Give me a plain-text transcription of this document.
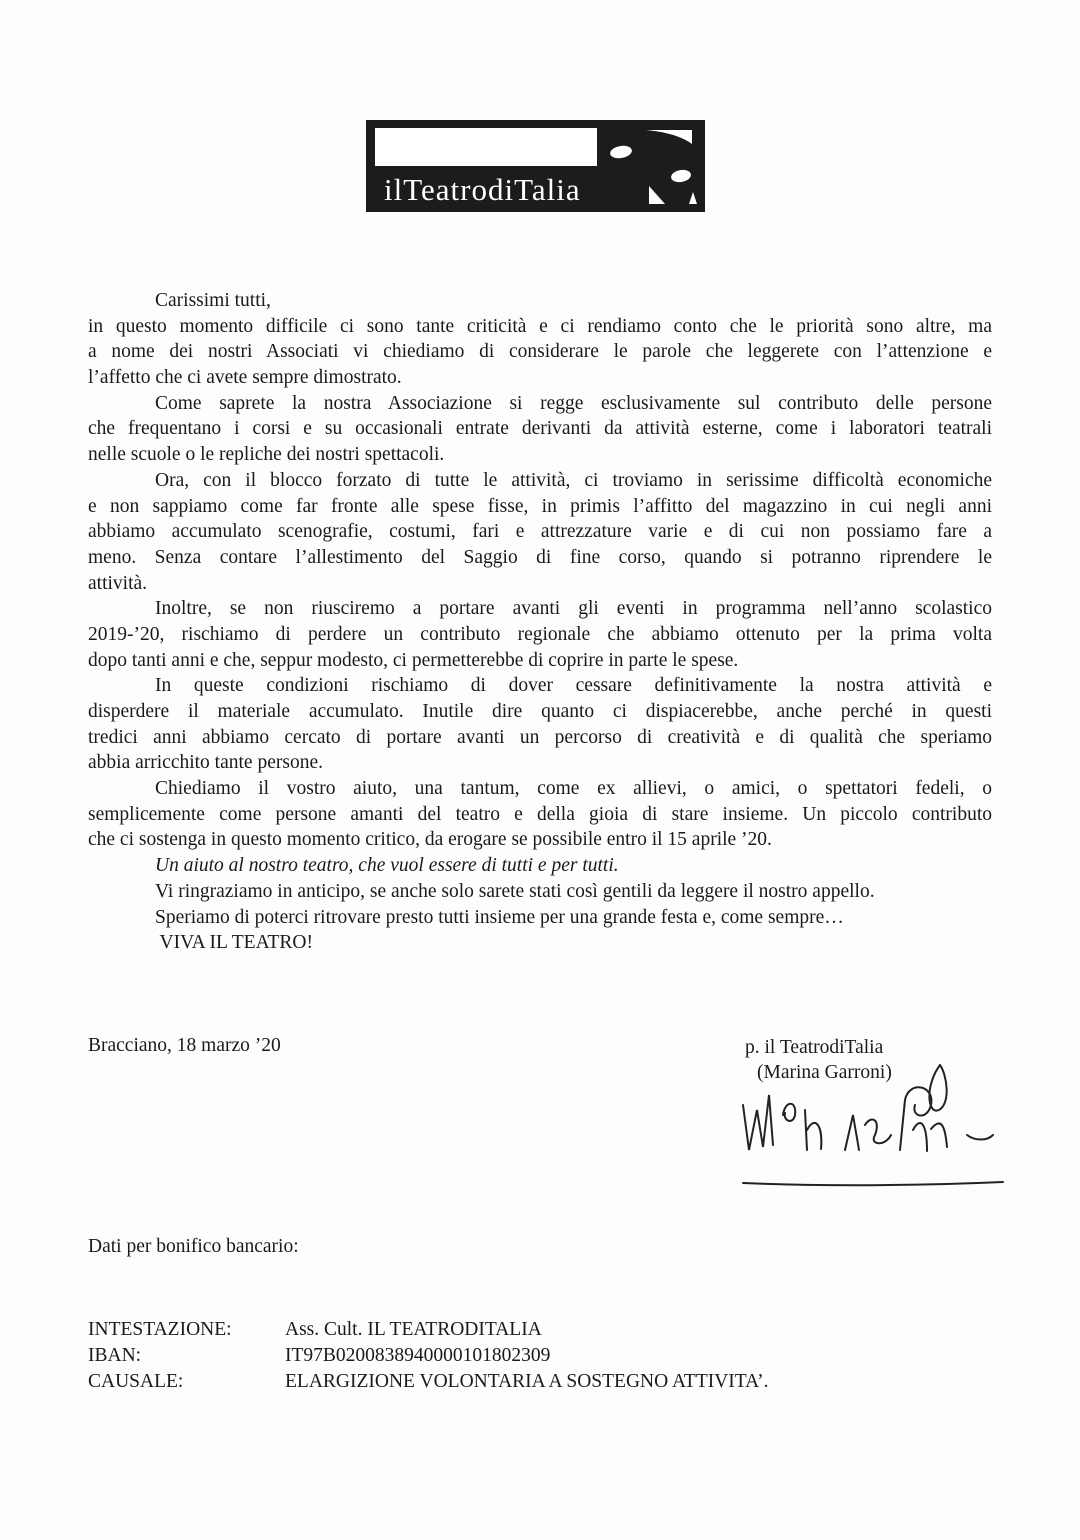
ilTeatrodiTalia
Carissimi tutti,
in questo momento difficile ci sono tante criticità e ci rendiamo conto che le priorità sono altre, ma
a nome dei nostri Associati vi chiediamo di considerare le parole che leggerete con l’attenzione e
l’affetto che ci avete sempre dimostrato.
Come saprete la nostra Associazione si regge esclusivamente sul contributo delle persone
che frequentano i corsi e su occasionali entrate derivanti da attività esterne, come i laboratori teatrali
nelle scuole o le repliche dei nostri spettacoli.
Ora, con il blocco forzato di tutte le attività, ci troviamo in serissime difficoltà economiche
e non sappiamo come far fronte alle spese fisse, in primis l’affitto del magazzino in cui negli anni
abbiamo accumulato scenografie, costumi, fari e attrezzature varie e di cui non possiamo fare a
meno. Senza contare l’allestimento del Saggio di fine corso, quando si potranno riprendere le
attività.
Inoltre, se non riusciremo a portare avanti gli eventi in programma nell’anno scolastico
2019-’20, rischiamo di perdere un contributo regionale che abbiamo ottenuto per la prima volta
dopo tanti anni e che, seppur modesto, ci permetterebbe di coprire in parte le spese.
In queste condizioni rischiamo di dover cessare definitivamente la nostra attività e
disperdere il materiale accumulato. Inutile dire quanto ci dispiacerebbe, anche perché in questi
tredici anni abbiamo cercato di portare avanti un percorso di creatività e di qualità che speriamo
abbia arricchito tante persone.
Chiediamo il vostro aiuto, una tantum, come ex allievi, o amici, o spettatori fedeli, o
semplicemente come persone amanti del teatro e della gioia di stare insieme. Un piccolo contributo
che ci sostenga in questo momento critico, da erogare se possibile entro il 15 aprile ’20.
Un aiuto al nostro teatro, che vuol essere di tutti e per tutti.
Vi ringraziamo in anticipo, se anche solo sarete stati così gentili da leggere il nostro appello.
Speriamo di poterci ritrovare presto tutti insieme per una grande festa e, come sempre…
VIVA IL TEATRO!
Bracciano, 18 marzo ’20	p. il TeatrodiTalia
(Marina Garroni)
Dati per bonifico bancario:
INTESTAZIONE:	Ass. Cult. IL TEATRODITALIA
IBAN:	IT97B0200838940000101802309
CAUSALE:	ELARGIZIONE VOLONTARIA A SOSTEGNO ATTIVITA’.
